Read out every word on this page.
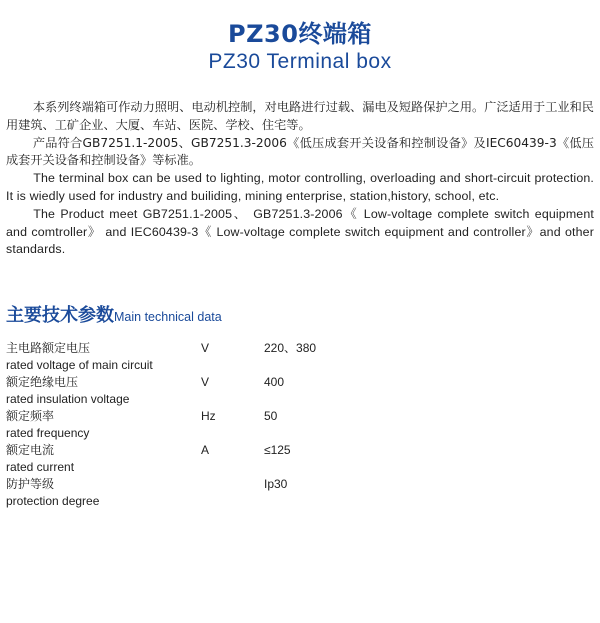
PZ30终端箱
PZ30 Terminal box

本系列终端箱可作动力照明、电动机控制，对电路进行过载、漏电及短路保护之用。广泛适用于工业和民用建筑、工矿企业、大厦、车站、医院、学校、住宅等。

产品符合GB7251.1-2005、GB7251.3-2006《低压成套开关设备和控制设备》及IEC60439-3《低压成套开关设备和控制设备》等标准。

The terminal box can be used to lighting, motor controlling, overloading and short-circuit protection. It is wiedly used for industry and builiding, mining enterprise, station,history, school, etc.

The Product meet GB7251.1-2005、 GB7251.3-2006《 Low-voltage complete switch equipment and comtroller》 and IEC60439-3《 Low-voltage complete switch equipment and controller》and other standards.

主要技术参数Main technical data
主电路额定电压
rated voltage of main circuit
V	220、380
额定绝缘电压
rated insulation voltage
V	400
额定频率
rated frequency
Hz	50
额定电流
rated current
A	≤125
防护等级
protection degree
Ip30
